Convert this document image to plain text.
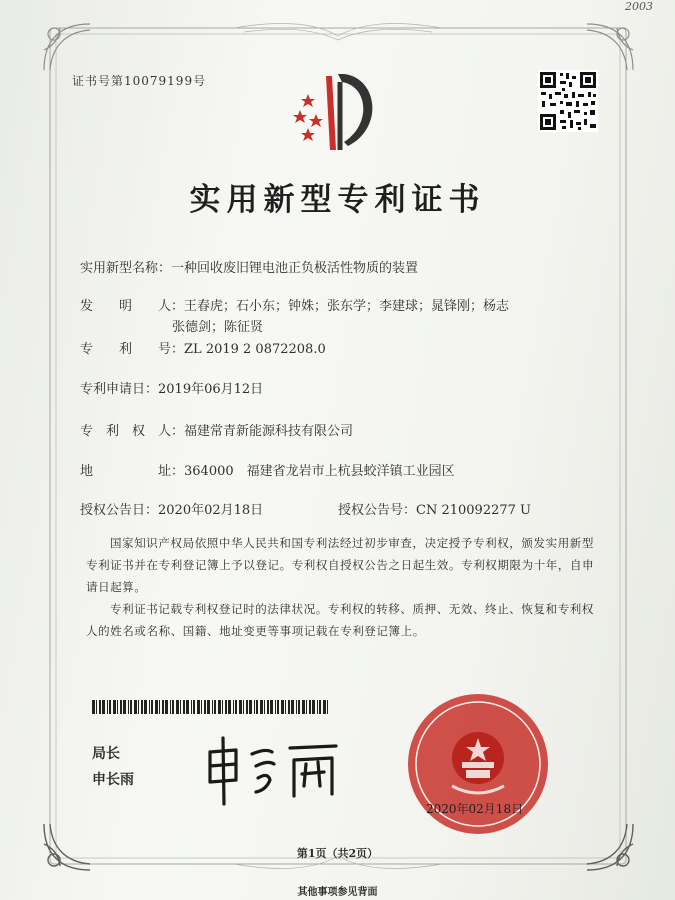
2003
证书号第10079199号
实用新型专利证书
实用新型名称：一种回收废旧锂电池正负极活性物质的装置
发　　明　　人：王春虎；石小东；钟姝；张东学；李建球；晁锋刚；杨志
张德剑；陈征贤
专　　利　　号：ZL 2019 2 0872208.0
专利申请日：2019年06月12日
专　利　权　人：福建常青新能源科技有限公司
地　　　　　址：364000　福建省龙岩市上杭县蛟洋镇工业园区
授权公告日：2020年02月18日	授权公告号：CN 210092277 U
国家知识产权局依照中华人民共和国专利法经过初步审查，决定授予专利权，颁发实用新型专利证书并在专利登记簿上予以登记。专利权自授权公告之日起生效。专利权期限为十年，自申请日起算。
专利证书记载专利权登记时的法律状况。专利权的转移、质押、无效、终止、恢复和专利权人的姓名或名称、国籍、地址变更等事项记载在专利登记簿上。
局长
申长雨
2020年02月18日
第1页（共2页）
其他事项参见背面
